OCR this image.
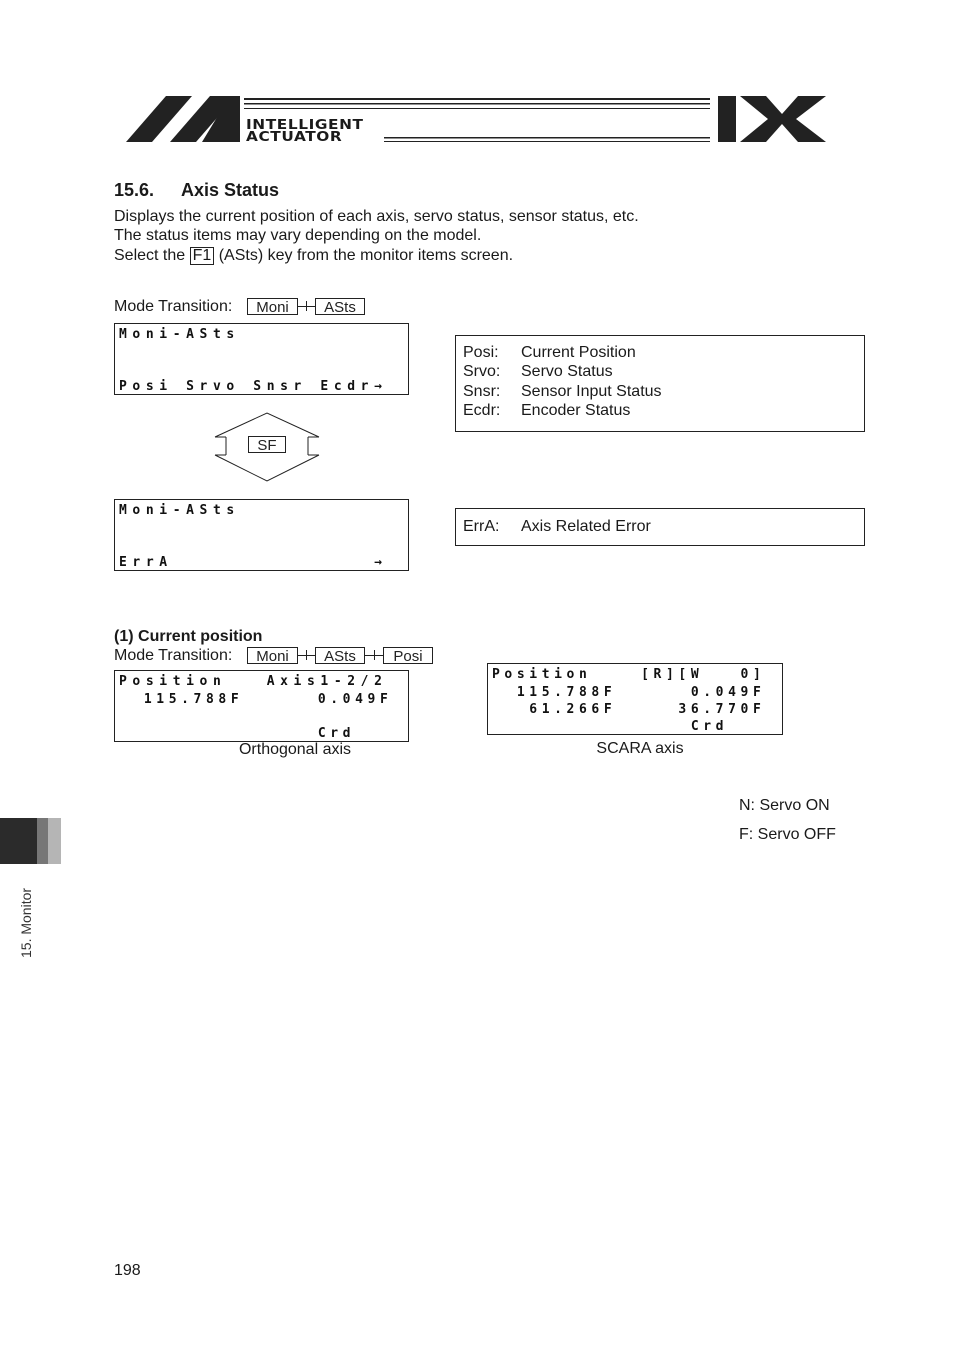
INTELLIGENT
ACTUATOR
15.6. Axis Status
Displays the current position of each axis, servo status, sensor status, etc.
The status items may vary depending on the model.
Select the F1 (ASts) key from the monitor items screen.
Mode Transition:	Moni	ASts
Moni-ASts
Posi Srvo Snsr Ecdr→
SF
Moni-ASts
ErrA               →
Posi: Current Position
Srvo: Servo Status
Snsr: Sensor Input Status
Ecdr: Encoder Status
ErrA: Axis Related Error
(1) Current position
Mode Transition:	Moni	ASts	Posi
Position   Axis1-2/2
115.788F      0.049F
Crd
Orthogonal axis
Position    [R][W   0]
115.788F      0.049F
61.266F     36.770F
Crd
SCARA axis
N: Servo ON
F: Servo OFF
15. Monitor
198
